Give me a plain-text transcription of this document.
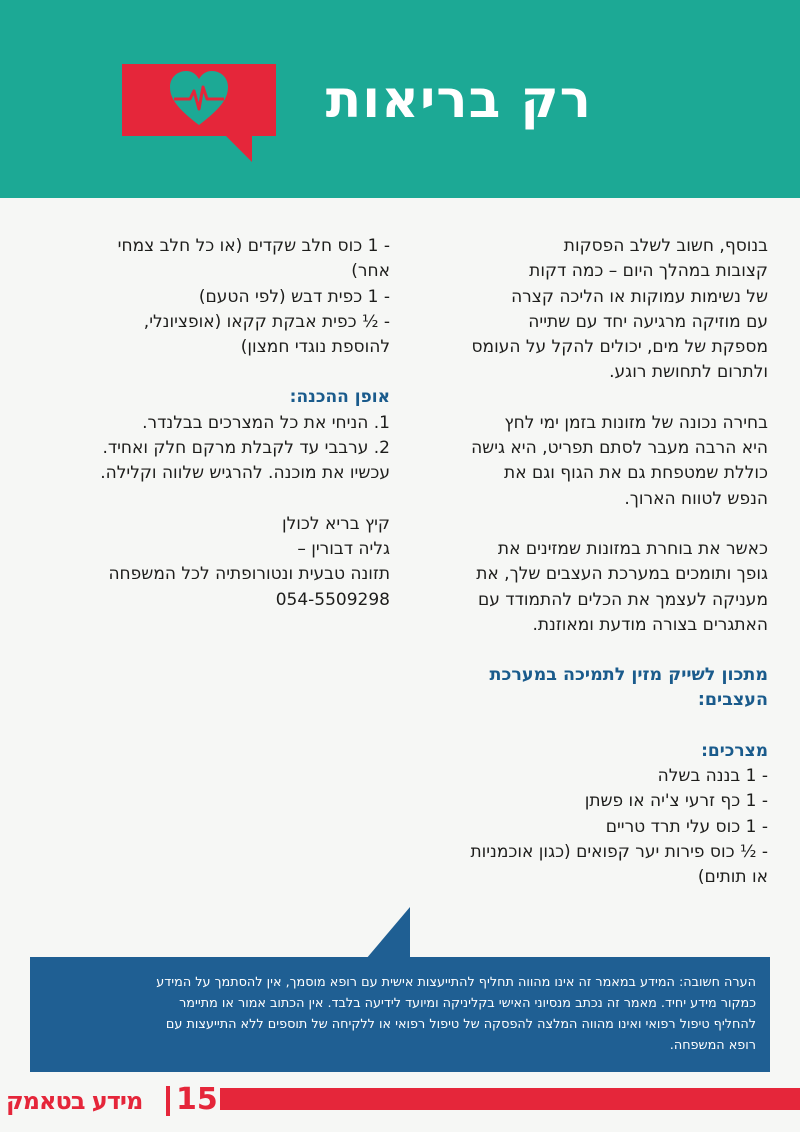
רק בריאות
בנוסף, חשוב לשלב הפסקות
קצובות במהלך היום – כמה דקות
של נשימות עמוקות או הליכה קצרה
עם מוזיקה מרגיעה יחד עם שתייה
מספקת של מים, יכולים להקל על העומס
ולתרום לתחושת רוגע.
בחירה נכונה של מזונות בזמן ימי לחץ
היא הרבה מעבר לסתם תפריט, היא גישה
כוללת שמטפחת גם את הגוף וגם את
הנפש לטווח הארוך.
כאשר את בוחרת במזונות שמזינים את
גופך ותומכים במערכת העצבים שלך, את
מעניקה לעצמך את הכלים להתמודד עם
האתגרים בצורה מודעת ומאוזנת.
מתכון לשייק מזין לתמיכה במערכת
העצבים:
מצרכים:
- 1 בננה בשלה
- 1 כף זרעי צ'יה או פשתן
- 1 כוס עלי תרד טריים
- ½ כוס פירות יער קפואים (כגון אוכמניות
או תותים)
- 1 כוס חלב שקדים (או כל חלב צמחי
אחר)
- 1 כפית דבש (לפי הטעם)
- ½ כפית אבקת קקאו (אופציונלי,
להוספת נוגדי חמצון)
אופן ההכנה:
1. הניחי את כל המצרכים בבלנדר.
2. ערבבי עד לקבלת מרקם חלק ואחיד.
עכשיו את מוכנה. להרגיש שלווה וקלילה.
קיץ בריא לכולן
גליה דבורין –
תזונה טבעית ונטורופתיה לכל המשפחה
054-5509298
הערה חשובה: המידע במאמר זה אינו מהווה תחליף להתייעצות אישית עם רופא מוסמך, אין להסתמך על המידע
כמקור מידע יחיד. מאמר זה נכתב מנסיוני האישי בקליניקה ומיועד לידיעה בלבד. אין הכתוב אמור או מתיימר
להחליף טיפול רפואי ואינו מהווה המלצה להפסקה של טיפול רפואי או ללקיחה של תוספים ללא התייעצות עם
רופא המשפחה.
15
מידע בטאמק
